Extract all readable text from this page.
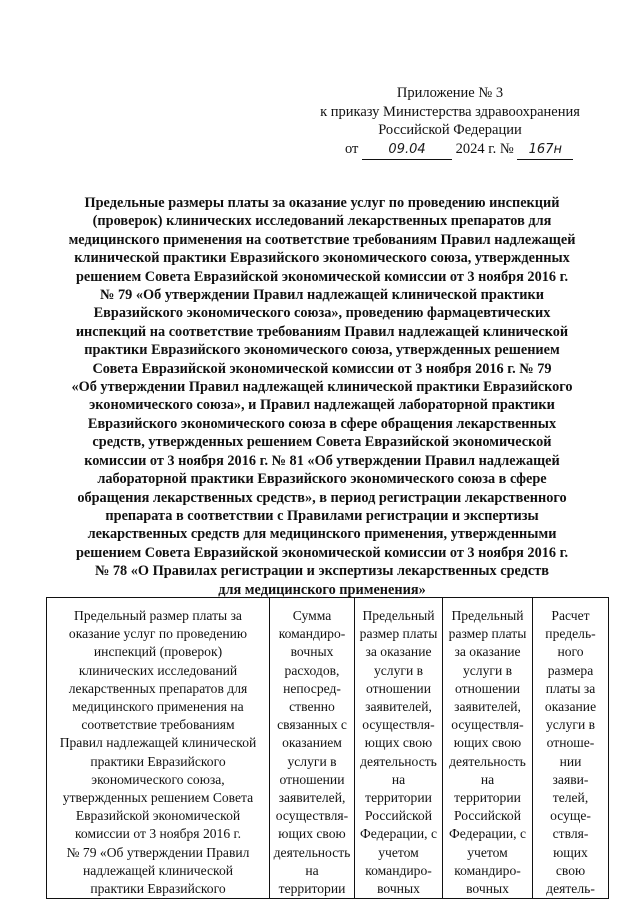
Приложение № 3
к приказу Министерства здравоохранения
Российской Федерации
от 09.04 2024 г. № 167н
Предельные размеры платы за оказание услуг по проведению инспекций
(проверок) клинических исследований лекарственных препаратов для
медицинского применения на соответствие требованиям Правил надлежащей
клинической практики Евразийского экономического союза, утвержденных
решением Совета Евразийской экономической комиссии от 3 ноября 2016 г.
№ 79 «Об утверждении Правил надлежащей клинической практики
Евразийского экономического союза», проведению фармацевтических
инспекций на соответствие требованиям Правил надлежащей клинической
практики Евразийского экономического союза, утвержденных решением
Совета Евразийской экономической комиссии от 3 ноября 2016 г. № 79
«Об утверждении Правил надлежащей клинической практики Евразийского
экономического союза», и Правил надлежащей лабораторной практики
Евразийского экономического союза в сфере обращения лекарственных
средств, утвержденных решением Совета Евразийской экономической
комиссии от 3 ноября 2016 г. № 81 «Об утверждении Правил надлежащей
лабораторной практики Евразийского экономического союза в сфере
обращения лекарственных средств», в период регистрации лекарственного
препарата в соответствии с Правилами регистрации и экспертизы
лекарственных средств для медицинского применения, утвержденными
решением Совета Евразийской экономической комиссии от 3 ноября 2016 г.
№ 78 «О Правилах регистрации и экспертизы лекарственных средств
для медицинского применения»
Предельный размер платы за
оказание услуг по проведению
инспекций (проверок)
клинических исследований
лекарственных препаратов для
медицинского применения на
соответствие требованиям
Правил надлежащей клинической
практики Евразийского
экономического союза,
утвержденных решением Совета
Евразийской экономической
комиссии от 3 ноября 2016 г.
№ 79 «Об утверждении Правил
надлежащей клинической
практики Евразийского

Сумма
командиро-
вочных
расходов,
непосред-
ственно
связанных с
оказанием
услуги в
отношении
заявителей,
осуществля-
ющих свою
деятельность
на
территории

Предельный
размер платы
за оказание
услуги в
отношении
заявителей,
осуществля-
ющих свою
деятельность
на
территории
Российской
Федерации, с
учетом
командиро-
вочных

Предельный
размер платы
за оказание
услуги в
отношении
заявителей,
осуществля-
ющих свою
деятельность
на
территории
Российской
Федерации, с
учетом
командиро-
вочных

Расчет
предель-
ного
размера
платы за
оказание
услуги в
отноше-
нии
заяви-
телей,
осуще-
ствля-
ющих
свою
деятель-
